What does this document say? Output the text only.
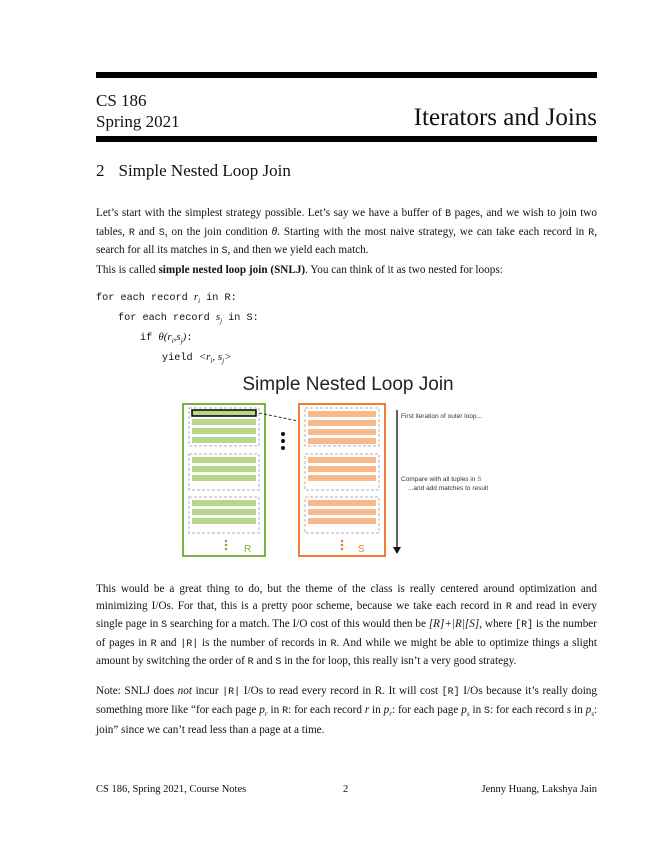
CS 186
Spring 2021	Iterators and Joins
2 Simple Nested Loop Join
Let’s start with the simplest strategy possible. Let’s say we have a buffer of B pages, and we wish to join two tables, R and S, on the join condition θ. Starting with the most naive strategy, we can take each record in R, search for all its matches in S, and then we yield each match.
This is called simple nested loop join (SNLJ). You can think of it as two nested for loops:
for each record $r_i$ in R:
for each record $s_j$ in S:
if $\theta(r_i,s_j)$:
yield $<r_i$, $s_j>$
Simple Nested Loop Join
R	S
First iteration of outer loop...
Compare with all tuples in S
...and add matches to result
This would be a great thing to do, but the theme of the class is really centered around optimization and minimizing I/Os. For that, this is a pretty poor scheme, because we take each record in R and read in every single page in S searching for a match. The I/O cost of this would then be [R]+|R|[S], where [R] is the number of pages in R and |R| is the number of records in R. And while we might be able to optimize things a slight amount by switching the order of R and S in the for loop, this really isn’t a very good strategy.
Note: SNLJ does not incur |R| I/Os to read every record in R. It will cost [R] I/Os because it’s really doing something more like “for each page $p_r$ in R: for each record r in $p_r$: for each page $p_s$ in S: for each record s in $p_s$: join” since we can’t read less than a page at a time.
CS 186, Spring 2021, Course Notes	2	Jenny Huang, Lakshya Jain
